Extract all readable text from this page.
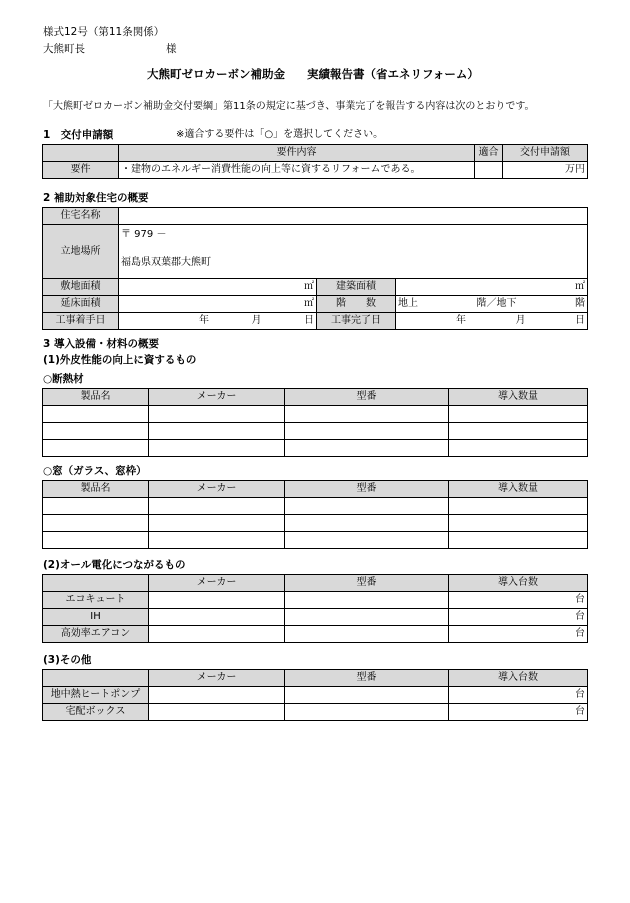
様式12号（第11条関係）
大熊町長	様
大熊町ゼロカーボン補助金 実績報告書（省エネリフォーム）
「大熊町ゼロカーボン補助金交付要綱」第11条の規定に基づき、事業完了を報告する内容は次のとおりです。
1　交付申請額	※適合する要件は「○」を選択してください。
	要件内容	適合	交付申請額
要件	・建物のエネルギー消費性能の向上等に資するリフォームである。		万円
2 補助対象住宅の概要
住宅名称			
立地場所	〒 979 －
福島県双葉郡大熊町		

敷地面積	㎡	建築面積	㎡
延床面積	㎡	階　　数	地上 階／地下 階

工事着手日	年 月 日	工事完了日	年 月 日
3 導入設備・材料の概要
(1)外皮性能の向上に資するもの
○断熱材
製品名	メーカー	型番	導入数量

○窓（ガラス、窓枠）
製品名	メーカー	型番	導入数量

(2)オール電化につながるもの
	メーカー	型番	導入台数
エコキュート			台
IH			台
高効率エアコン			台
(3)その他
	メーカー	型番	導入台数
地中熱ヒートポンプ			台
宅配ボックス			台
